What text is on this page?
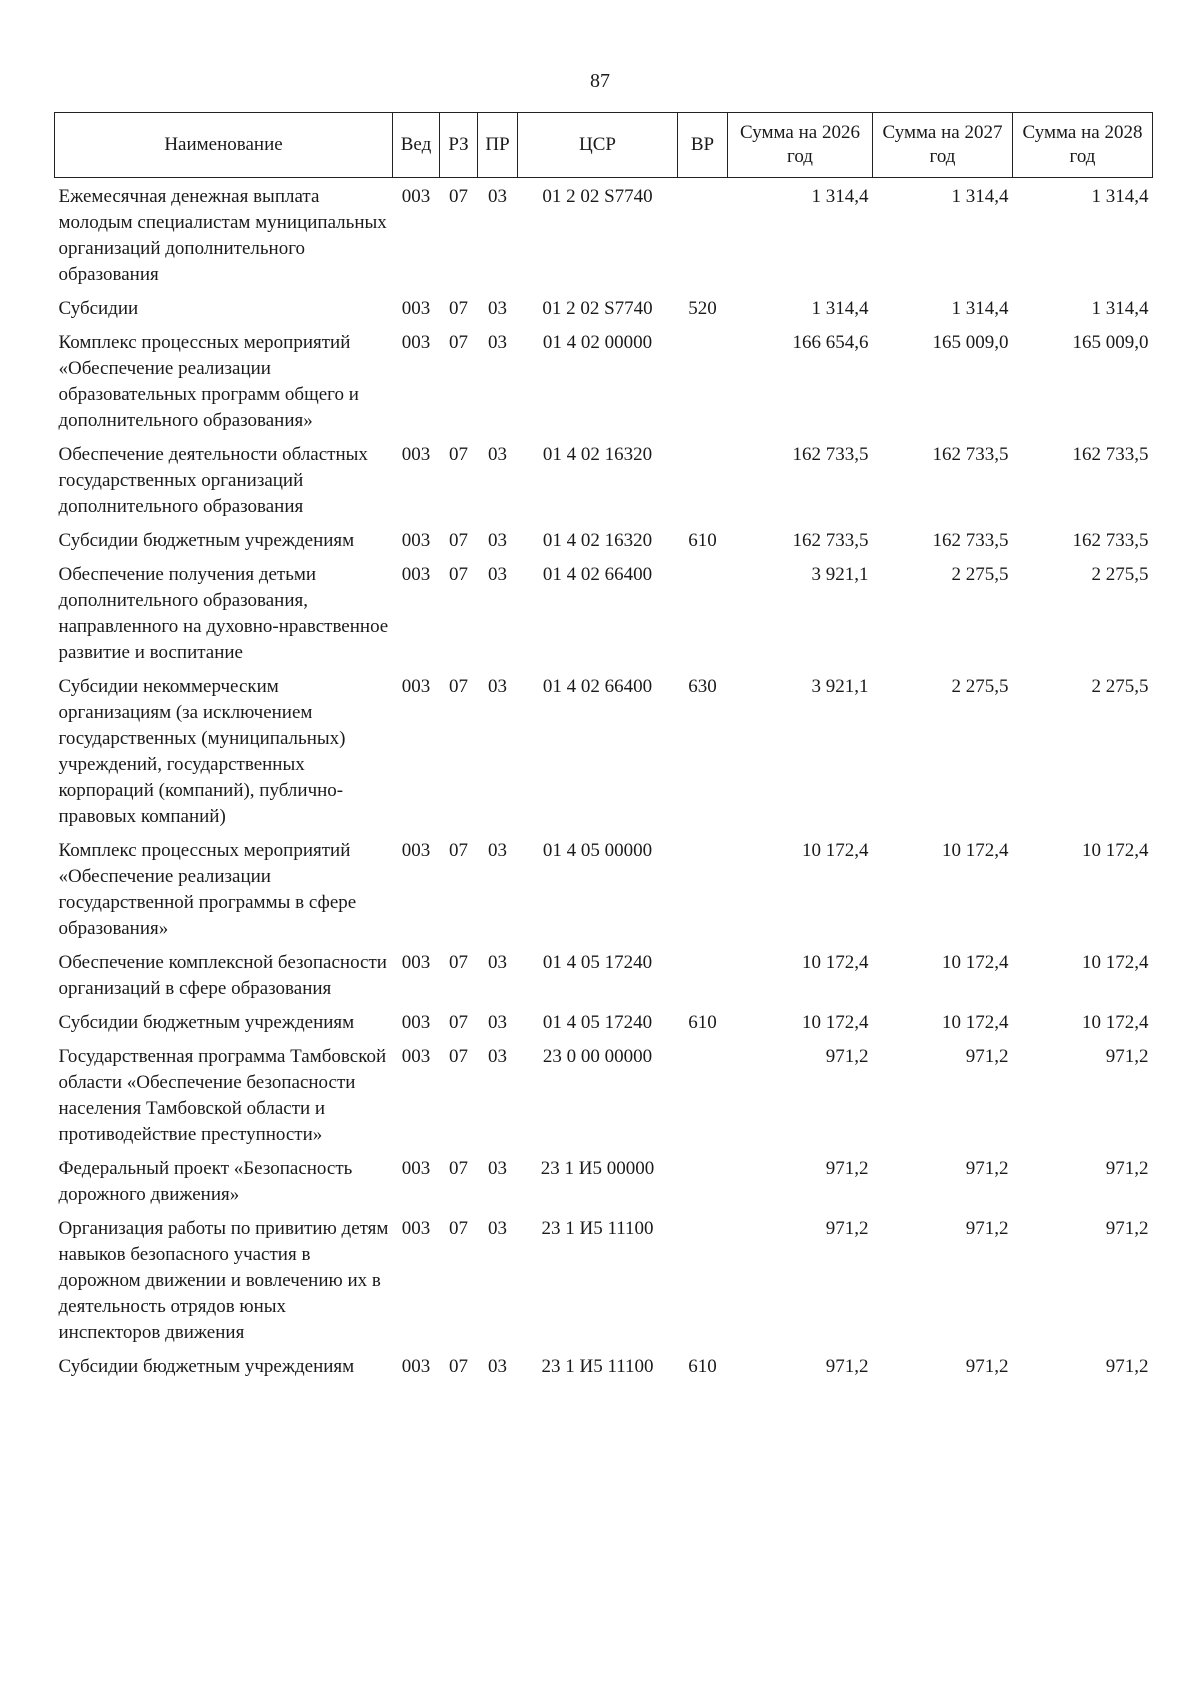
87
Наименование	Вед	РЗ	ПР	ЦСР	ВР	Сумма на 2026 год	Сумма на 2027 год	Сумма на 2028 год
Ежемесячная денежная выплата молодым специалистам муниципальных организаций дополнительного образования	003	07	03	01 2 02 S7740		1 314,4	1 314,4	1 314,4
Субсидии	003	07	03	01 2 02 S7740	520	1 314,4	1 314,4	1 314,4
Комплекс процессных мероприятий «Обеспечение реализации образовательных программ общего и дополнительного образования»	003	07	03	01 4 02 00000		166 654,6	165 009,0	165 009,0
Обеспечение деятельности областных государственных организаций дополнительного образования	003	07	03	01 4 02 16320		162 733,5	162 733,5	162 733,5
Субсидии бюджетным учреждениям	003	07	03	01 4 02 16320	610	162 733,5	162 733,5	162 733,5
Обеспечение получения детьми дополнительного образования, направленного на духовно-нравственное развитие и воспитание	003	07	03	01 4 02 66400		3 921,1	2 275,5	2 275,5
Субсидии некоммерческим организациям (за исключением государственных (муниципальных) учреждений, государственных корпораций (компаний), публично-правовых компаний)	003	07	03	01 4 02 66400	630	3 921,1	2 275,5	2 275,5
Комплекс процессных мероприятий «Обеспечение реализации государственной программы в сфере образования»	003	07	03	01 4 05 00000		10 172,4	10 172,4	10 172,4
Обеспечение комплексной безопасности организаций в сфере образования	003	07	03	01 4 05 17240		10 172,4	10 172,4	10 172,4
Субсидии бюджетным учреждениям	003	07	03	01 4 05 17240	610	10 172,4	10 172,4	10 172,4
Государственная программа Тамбовской области «Обеспечение безопасности населения Тамбовской области и противодействие преступности»	003	07	03	23 0 00 00000		971,2	971,2	971,2
Федеральный проект «Безопасность дорожного движения»	003	07	03	23 1 И5 00000		971,2	971,2	971,2
Организация работы по привитию детям навыков безопасного участия в дорожном движении и вовлечению их в деятельность отрядов юных инспекторов движения	003	07	03	23 1 И5 11100		971,2	971,2	971,2
Субсидии бюджетным учреждениям	003	07	03	23 1 И5 11100	610	971,2	971,2	971,2
